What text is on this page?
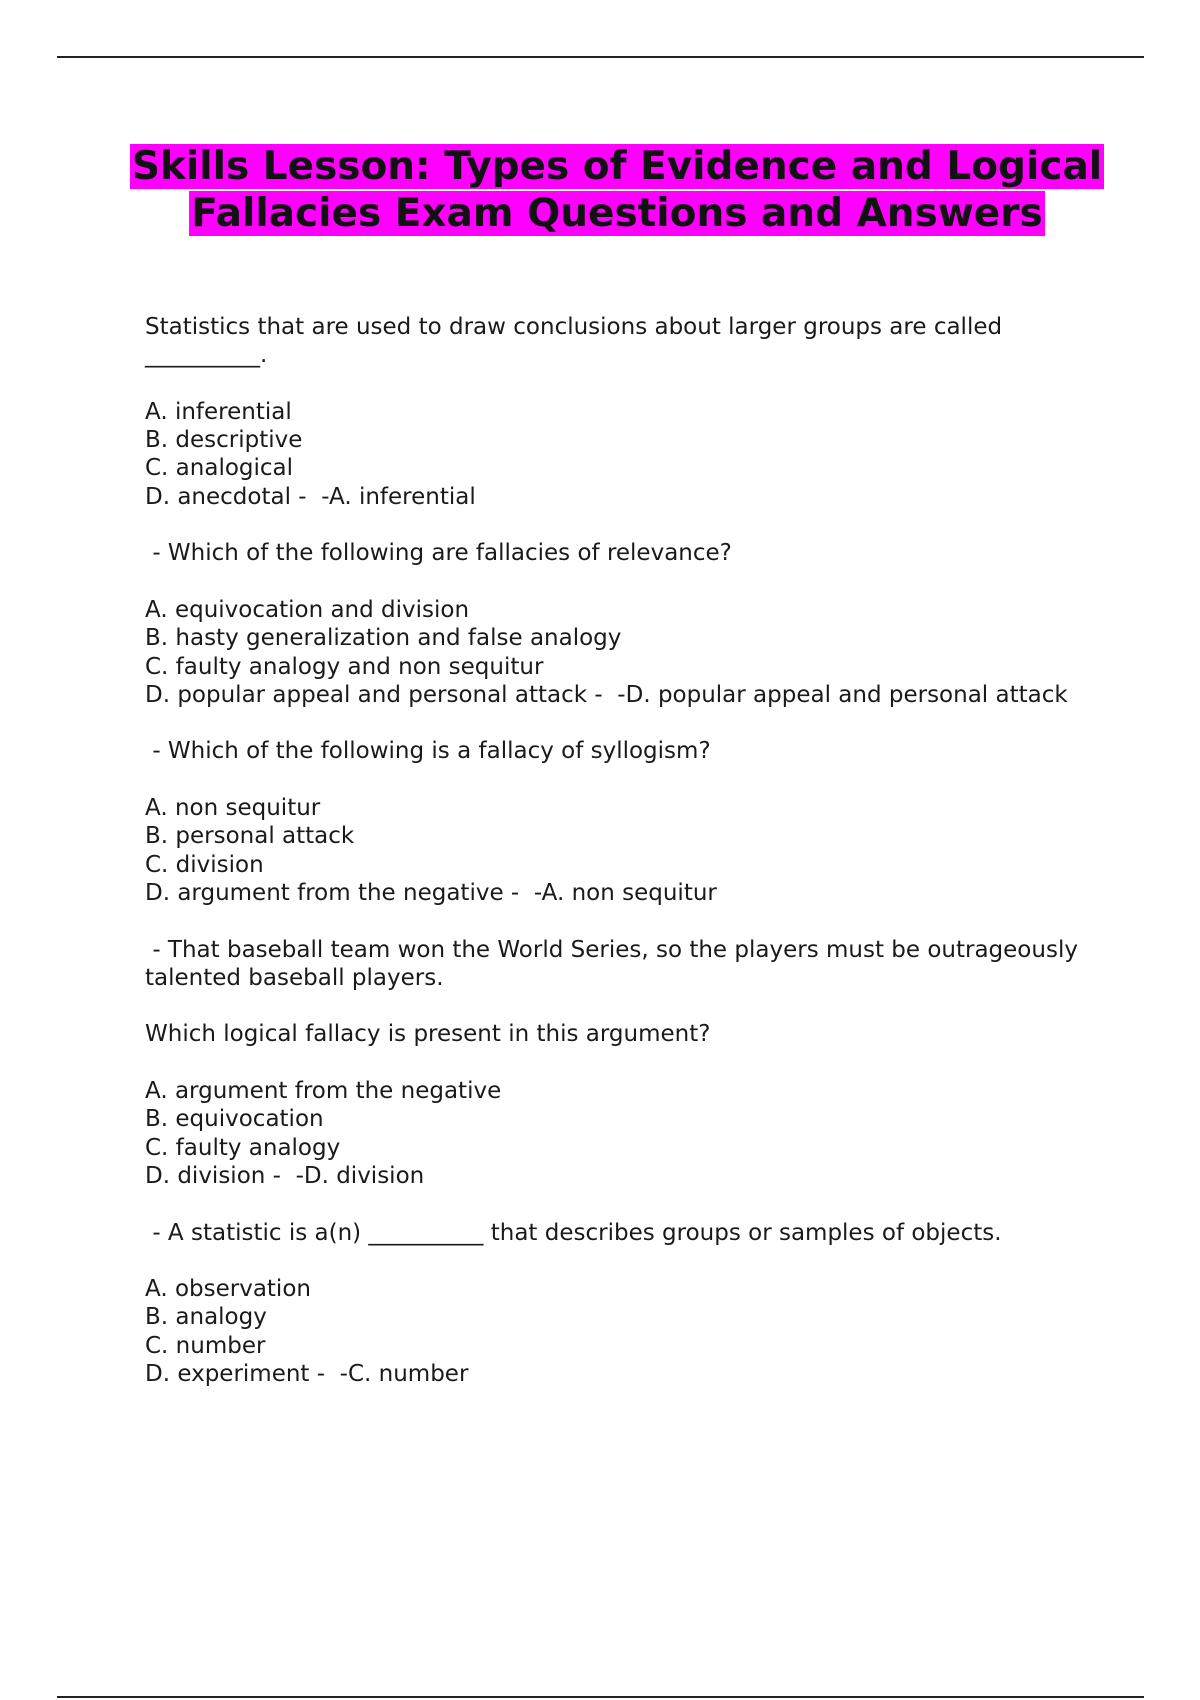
Skills Lesson: Types of Evidence and Logical Fallacies Exam Questions and Answers

Statistics that are used to draw conclusions about larger groups are called __________.

A. inferential

B. descriptive

C. analogical

D. anecdotal -  -A. inferential

- Which of the following are fallacies of relevance?

A. equivocation and division

B. hasty generalization and false analogy

C. faulty analogy and non sequitur

D. popular appeal and personal attack -  -D. popular appeal and personal attack

- Which of the following is a fallacy of syllogism?

A. non sequitur

B. personal attack

C. division

D. argument from the negative -  -A. non sequitur

- That baseball team won the World Series, so the players must be outrageously talented baseball players.

Which logical fallacy is present in this argument?

A. argument from the negative

B. equivocation

C. faulty analogy

D. division -  -D. division

- A statistic is a(n) __________ that describes groups or samples of objects.

A. observation

B. analogy

C. number

D. experiment -  -C. number
